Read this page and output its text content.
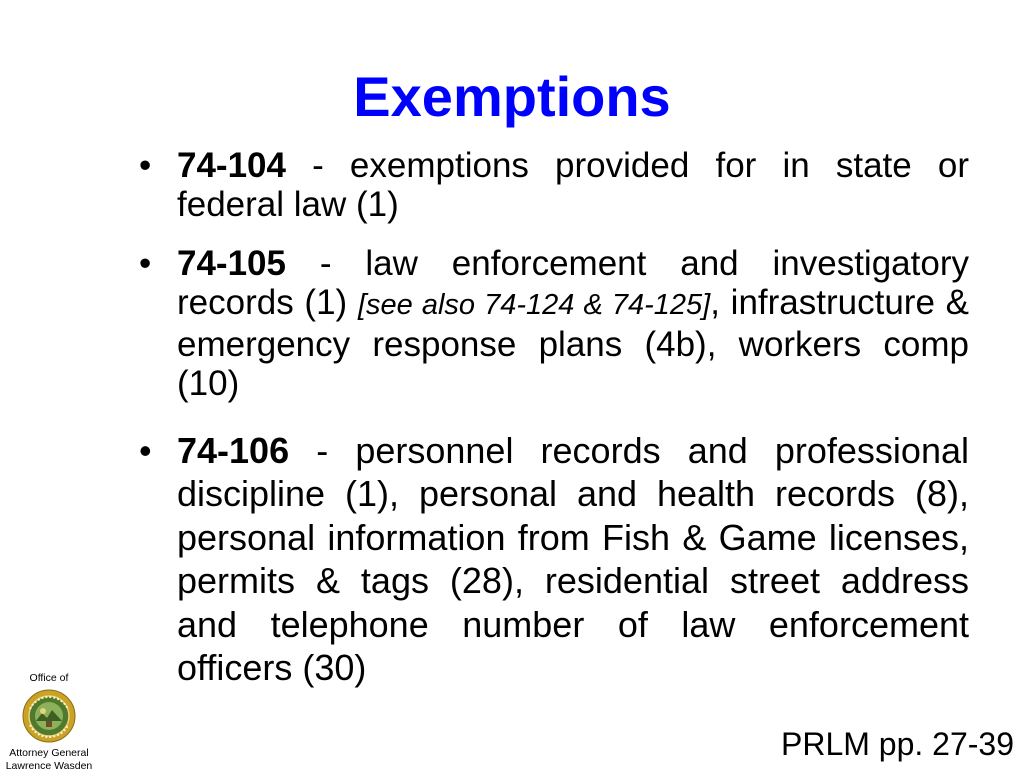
Exemptions
• 74-104 - exemptions provided for in state or federal law (1)
• 74-105 - law enforcement and investigatory records (1) [see also 74-124 & 74-125], infrastructure & emergency response plans (4b), workers comp (10)
• 74-106 - personnel records and professional discipline (1), personal and health records (8), personal information from Fish & Game licenses, permits & tags (28), residential street address and telephone number of law enforcement officers (30)
Office of
Attorney General
Lawrence Wasden
PRLM pp. 27-39
